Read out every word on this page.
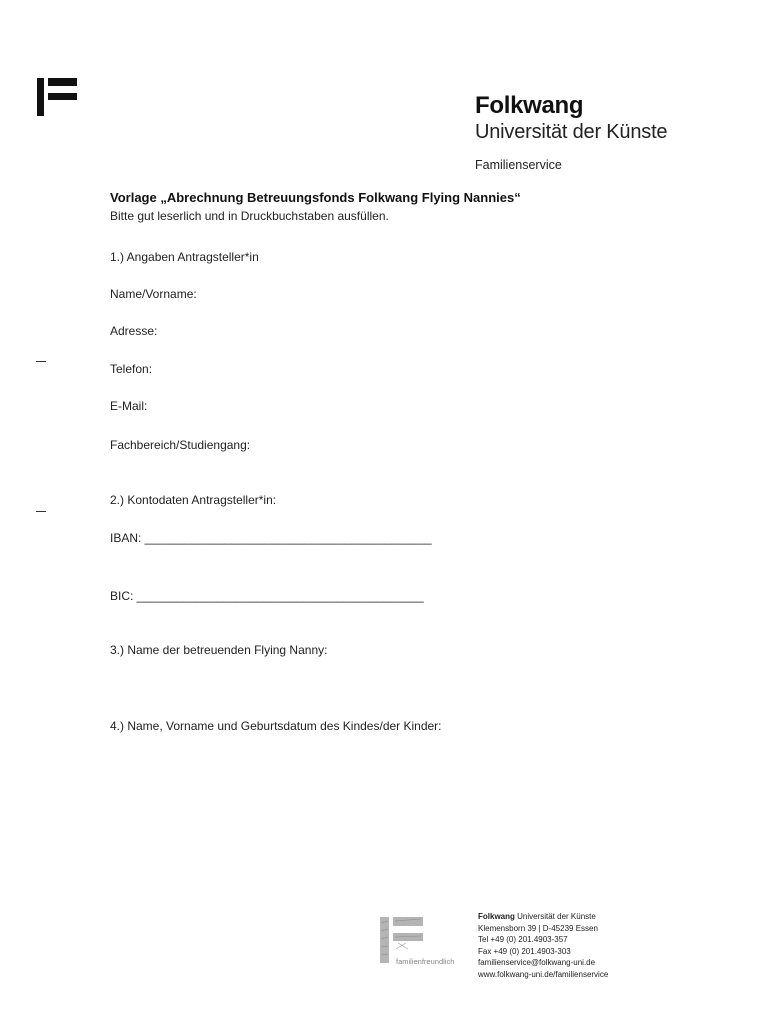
Folkwang
Universität der Künste
Familienservice
Vorlage „Abrechnung Betreuungsfonds Folkwang Flying Nannies“
Bitte gut leserlich und in Druckbuchstaben ausfüllen.
1.) Angaben Antragsteller*in
Name/Vorname:
Adresse:
Telefon:
E-Mail:
Fachbereich/Studiengang:
2.) Kontodaten Antragsteller*in:
IBAN: ___________________________________________
BIC: ___________________________________________
3.) Name der betreuenden Flying Nanny:
4.) Name, Vorname und Geburtsdatum des Kindes/der Kinder:
familienfreundlich
Folkwang Universität der Künste
Klemensborn 39 | D-45239 Essen
Tel +49 (0) 201.4903-357
Fax +49 (0) 201.4903-303
familienservice@folkwang-uni.de
www.folkwang-uni.de/familienservice
